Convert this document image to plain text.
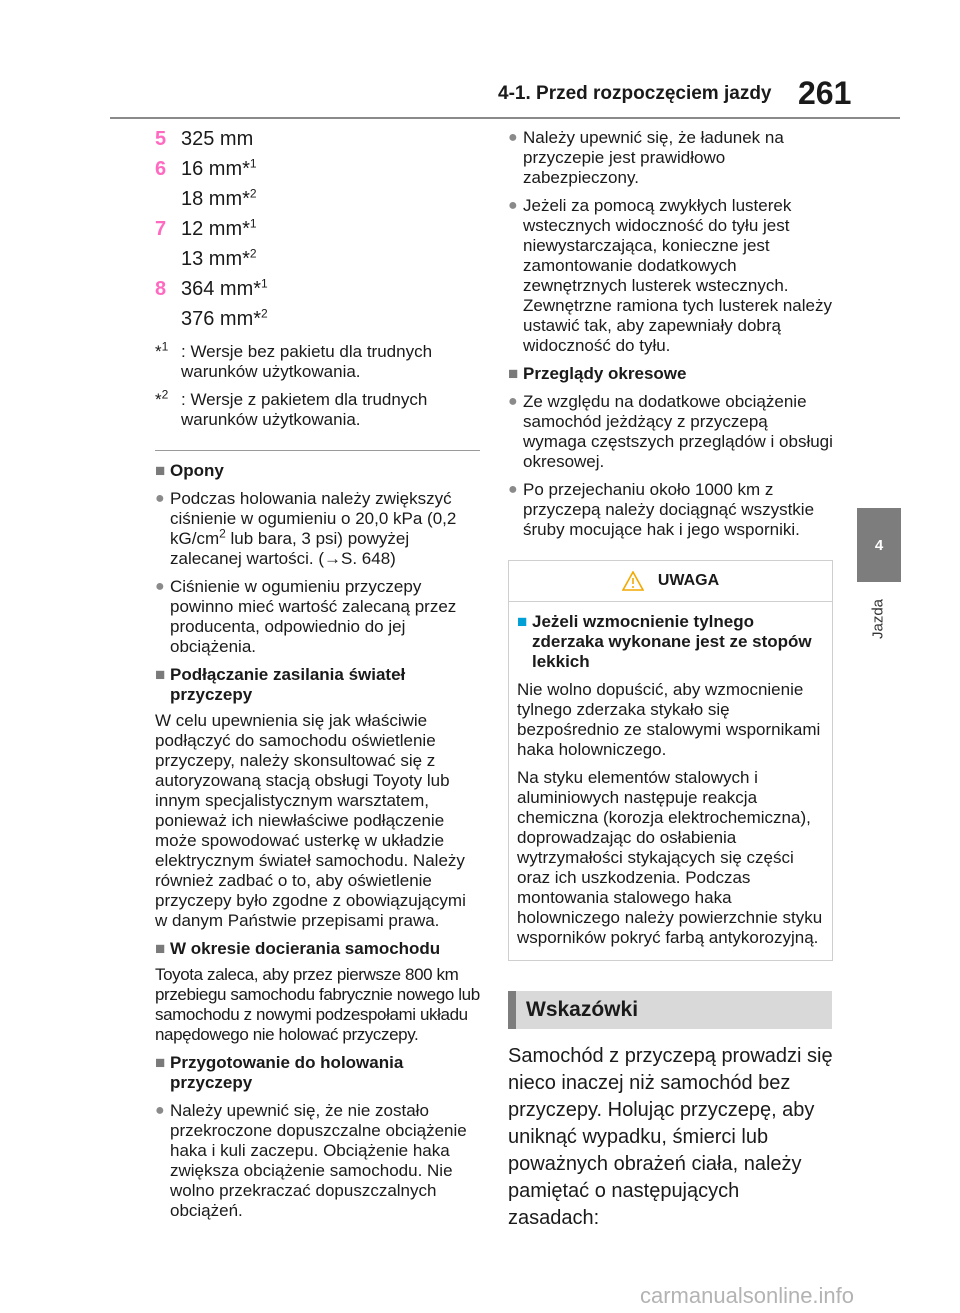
4-1. Przed rozpoczęciem jazdy 261
4
Jazda
5 325 mm
6 16 mm*$^1$
18 mm*$^2$
7 12 mm*$^1$
13 mm*$^2$
8 364 mm*$^1$
376 mm*$^2$
*$^1$ : Wersje bez pakietu dla trudnych warunków użytkowania.
*$^2$ : Wersje z pakietem dla trudnych warunków użytkowania.
■ Opony
● Podczas holowania należy zwiększyć ciśnienie w ogumieniu o 20,0 kPa (0,2 $kG/cm^2$ lub bara, 3 psi) powyżej zalecanej wartości. (→S. 648)
● Ciśnienie w ogumieniu przyczepy powinno mieć wartość zalecaną przez producenta, odpowiednio do jej obciążenia.
■ Podłączanie zasilania świateł przyczepy

W celu upewnienia się jak właściwie podłączyć do samochodu oświetlenie przyczepy, należy skonsultować się z autoryzowaną stacją obsługi Toyoty lub innym specjalistycznym warsztatem, ponieważ ich niewłaściwe podłączenie może spowodować usterkę w układzie elektrycznym świateł samochodu. Należy również zadbać o to, aby oświetlenie przyczepy było zgodne z obowiązującymi w danym Państwie przepisami prawa.

■ W okresie docierania samochodu

Toyota zaleca, aby przez pierwsze 800 km przebiegu samochodu fabrycznie nowego lub samochodu z nowymi podzespołami układu napędowego nie holować przyczepy.

■ Przygotowanie do holowania przyczepy
● Należy upewnić się, że nie zostało przekroczone dopuszczalne obciążenie haka i kuli zaczepu. Obciążenie haka zwiększa obciążenie samochodu. Nie wolno przekraczać dopuszczalnych obciążeń.
● Należy upewnić się, że ładunek na przyczepie jest prawidłowo zabezpieczony.
● Jeżeli za pomocą zwykłych lusterek wstecznych widoczność do tyłu jest niewystarczająca, konieczne jest zamontowanie dodatkowych zewnętrznych lusterek wstecznych. Zewnętrzne ramiona tych lusterek należy ustawić tak, aby zapewniały dobrą widoczność do tyłu.
■ Przeglądy okresowe
● Ze względu na dodatkowe obciążenie samochód jeżdżący z przyczepą wymaga częstszych przeglądów i obsługi okresowej.
● Po przejechaniu około 1000 km z przyczepą należy dociągnąć wszystkie śruby mocujące hak i jego wsporniki.
UWAGA
■ Jeżeli wzmocnienie tylnego zderzaka wykonane jest ze stopów lekkich

Nie wolno dopuścić, aby wzmocnienie tylnego zderzaka stykało się bezpośrednio ze stalowymi wspornikami haka holowniczego.

Na styku elementów stalowych i aluminiowych następuje reakcja chemiczna (korozja elektrochemiczna), doprowadzając do osłabienia wytrzymałości stykających się części oraz ich uszkodzenia. Podczas montowania stalowego haka holowniczego należy powierzchnie styku wsporników pokryć farbą antykorozyjną.

Wskazówki

Samochód z przyczepą prowadzi się nieco inaczej niż samochód bez przyczepy. Holując przyczepę, aby uniknąć wypadku, śmierci lub poważnych obrażeń ciała, należy pamiętać o następujących zasadach:

carmanualsonline.info
